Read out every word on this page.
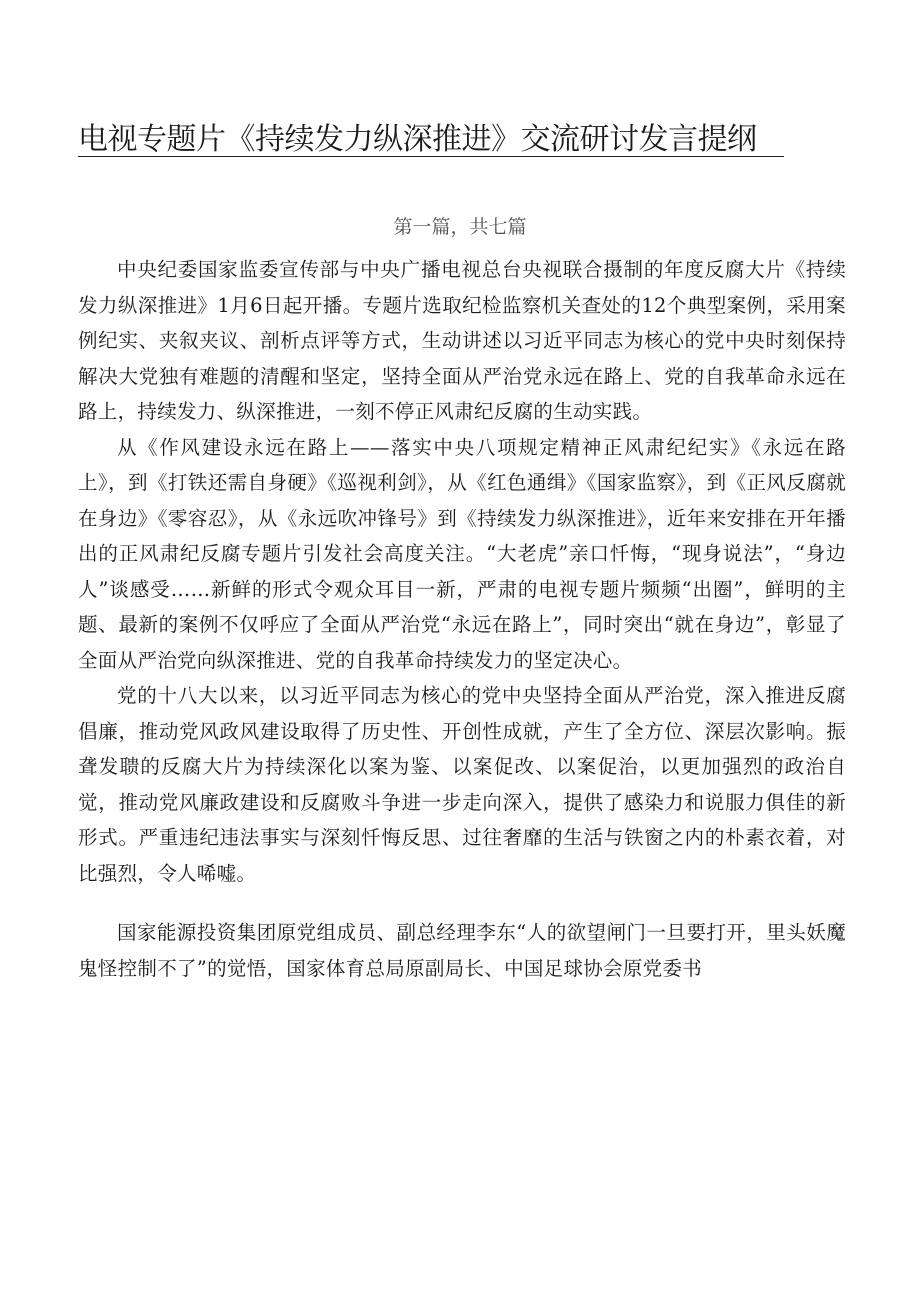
电视专题片《持续发力纵深推进》交流研讨发言提纲
第一篇，共七篇

中央纪委国家监委宣传部与中央广播电视总台央视联合摄制的年度反腐大片《持续发力纵深推进》1月6日起开播。专题片选取纪检监察机关查处的12个典型案例，采用案例纪实、夹叙夹议、剖析点评等方式，生动讲述以习近平同志为核心的党中央时刻保持解决大党独有难题的清醒和坚定，坚持全面从严治党永远在路上、党的自我革命永远在路上，持续发力、纵深推进，一刻不停正风肃纪反腐的生动实践。

从《作风建设永远在路上——落实中央八项规定精神正风肃纪纪实》《永远在路上》，到《打铁还需自身硬》《巡视利剑》，从《红色通缉》《国家监察》，到《正风反腐就在身边》《零容忍》，从《永远吹冲锋号》到《持续发力纵深推进》，近年来安排在开年播出的正风肃纪反腐专题片引发社会高度关注。“大老虎”亲口忏悔，“现身说法”，“身边人”谈感受……新鲜的形式令观众耳目一新，严肃的电视专题片频频“出圈”，鲜明的主题、最新的案例不仅呼应了全面从严治党“永远在路上”，同时突出“就在身边”，彰显了全面从严治党向纵深推进、党的自我革命持续发力的坚定决心。

党的十八大以来，以习近平同志为核心的党中央坚持全面从严治党，深入推进反腐倡廉，推动党风政风建设取得了历史性、开创性成就，产生了全方位、深层次影响。振聋发聩的反腐大片为持续深化以案为鉴、以案促改、以案促治，以更加强烈的政治自觉，推动党风廉政建设和反腐败斗争进一步走向深入，提供了感染力和说服力俱佳的新形式。严重违纪违法事实与深刻忏悔反思、过往奢靡的生活与铁窗之内的朴素衣着，对比强烈，令人唏嘘。

国家能源投资集团原党组成员、副总经理李东“人的欲望闸门一旦要打开，里头妖魔鬼怪控制不了”的觉悟，国家体育总局原副局长、中国足球协会原党委书
